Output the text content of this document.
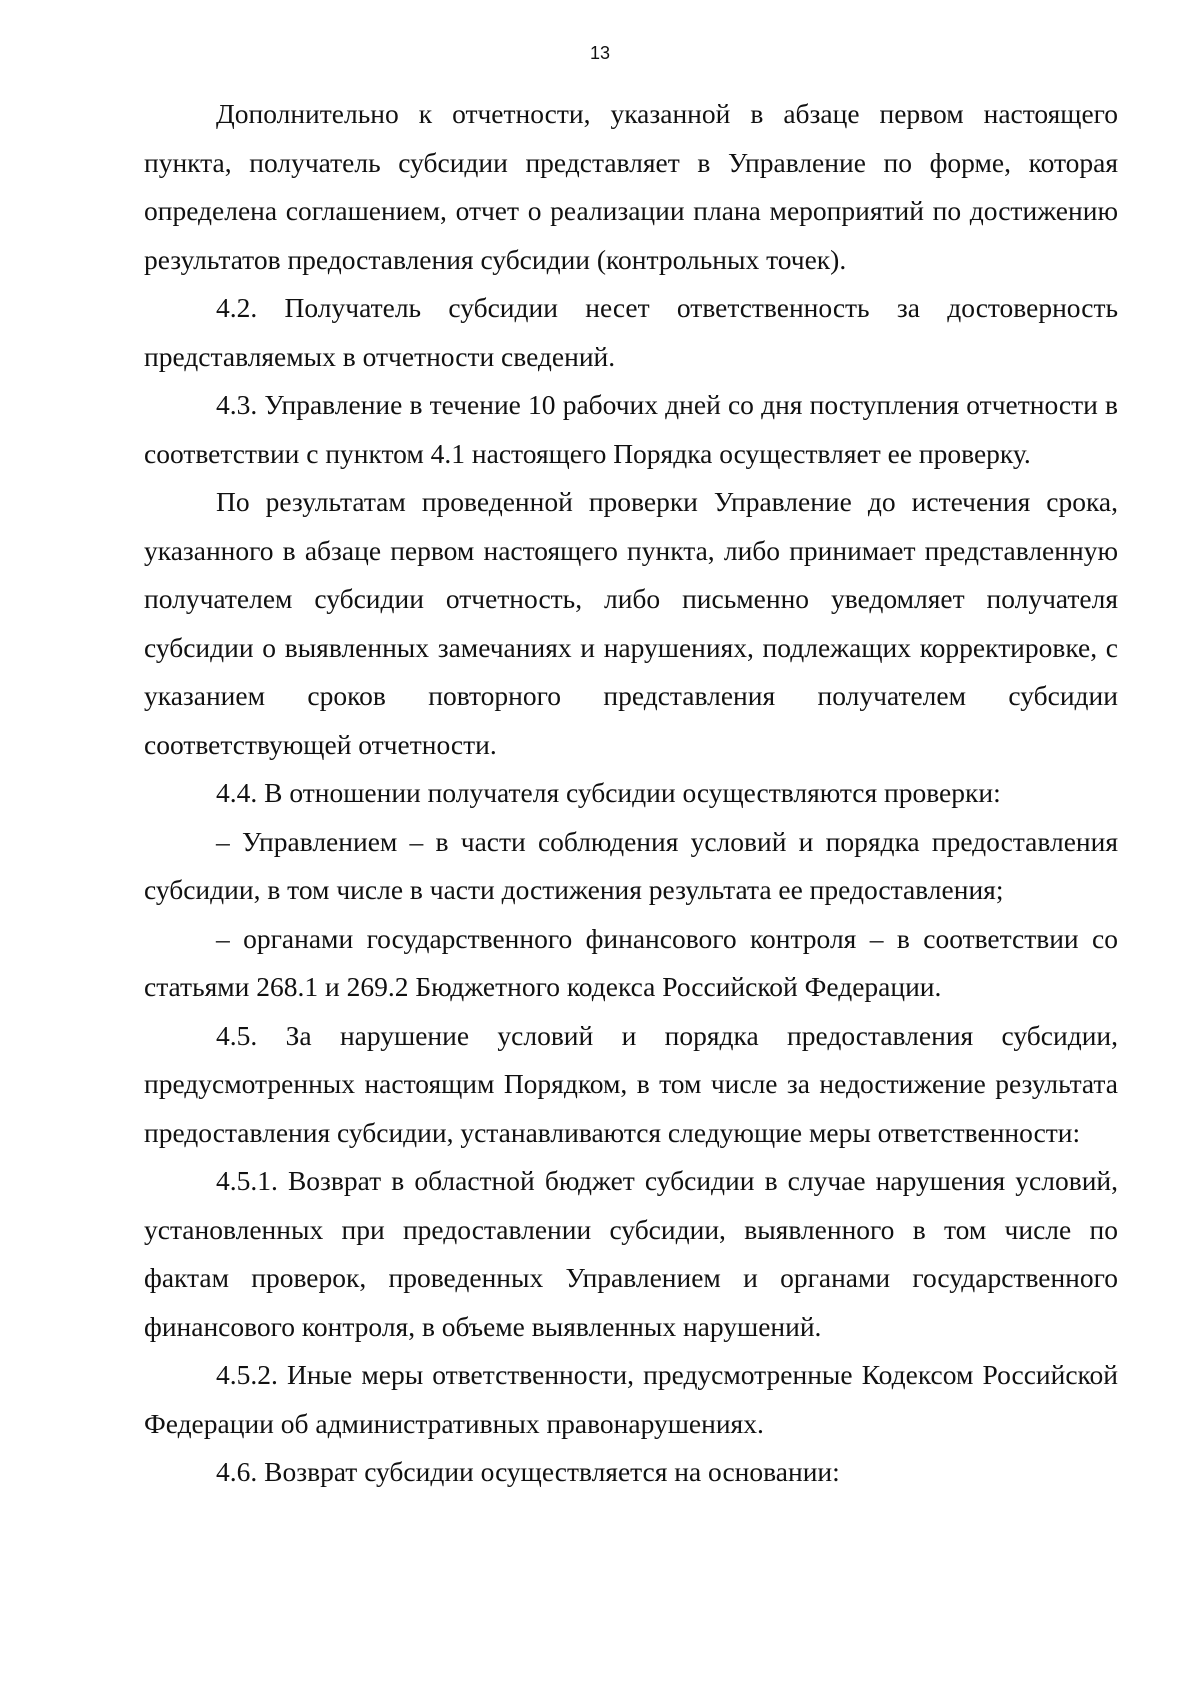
13

Дополнительно к отчетности, указанной в абзаце первом настоящего пункта, получатель субсидии представляет в Управление по форме, которая определена соглашением, отчет о реализации плана мероприятий по достижению результатов предоставления субсидии (контрольных точек).

4.2. Получатель субсидии несет ответственность за достоверность представляемых в отчетности сведений.

4.3. Управление в течение 10 рабочих дней со дня поступления отчетности в соответствии с пунктом 4.1 настоящего Порядка осуществляет ее проверку.

По результатам проведенной проверки Управление до истечения срока, указанного в абзаце первом настоящего пункта, либо принимает представленную получателем субсидии отчетность, либо письменно уведомляет получателя субсидии о выявленных замечаниях и нарушениях, подлежащих корректировке, с указанием сроков повторного представления получателем субсидии соответствующей отчетности.

4.4. В отношении получателя субсидии осуществляются проверки:

– Управлением – в части соблюдения условий и порядка предоставления субсидии, в том числе в части достижения результата ее предоставления;

– органами государственного финансового контроля – в соответствии со статьями 268.1 и 269.2 Бюджетного кодекса Российской Федерации.

4.5. За нарушение условий и порядка предоставления субсидии, предусмотренных настоящим Порядком, в том числе за недостижение результата предоставления субсидии, устанавливаются следующие меры ответственности:

4.5.1. Возврат в областной бюджет субсидии в случае нарушения условий, установленных при предоставлении субсидии, выявленного в том числе по фактам проверок, проведенных Управлением и органами государственного финансового контроля, в объеме выявленных нарушений.

4.5.2. Иные меры ответственности, предусмотренные Кодексом Российской Федерации об административных правонарушениях.

4.6. Возврат субсидии осуществляется на основании:
